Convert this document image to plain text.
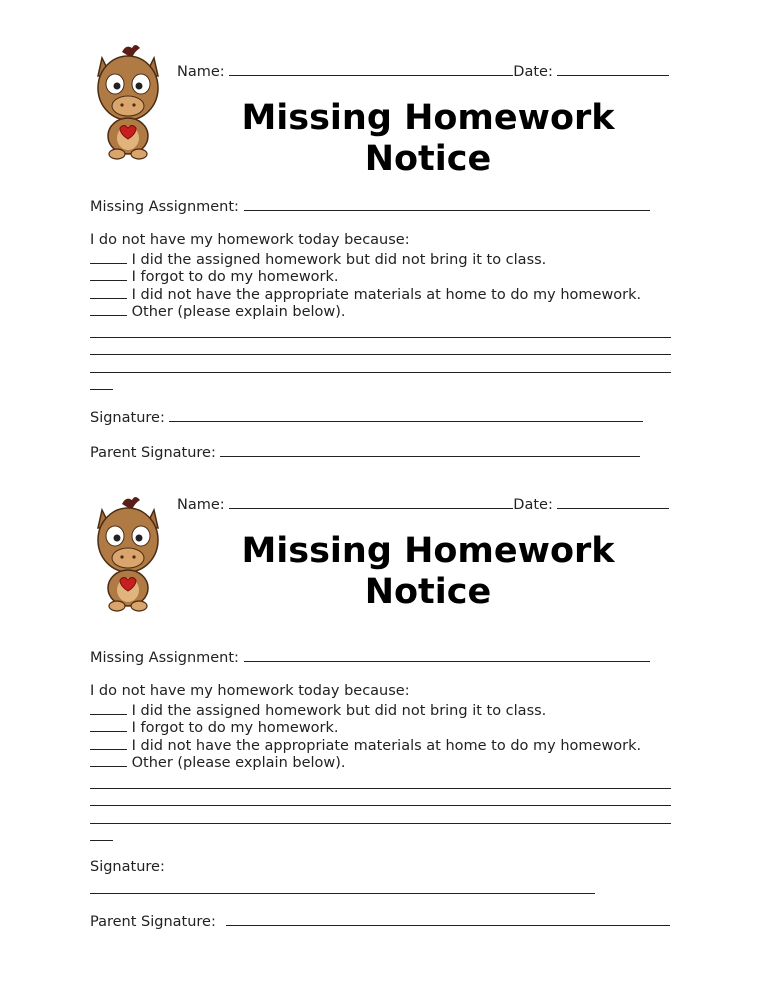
Name:	Date:
Missing Homework
Notice
Missing Assignment:
I do not have my homework today because:
I did the assigned homework but did not bring it to class.
I forgot to do my homework.
I did not have the appropriate materials at home to do my homework.
Other (please explain below).
Signature:
Parent Signature:
Name:	Date:
Missing Homework
Notice
Missing Assignment:
I do not have my homework today because:
I did the assigned homework but did not bring it to class.
I forgot to do my homework.
I did not have the appropriate materials at home to do my homework.
Other (please explain below).
Signature:
Parent Signature:
